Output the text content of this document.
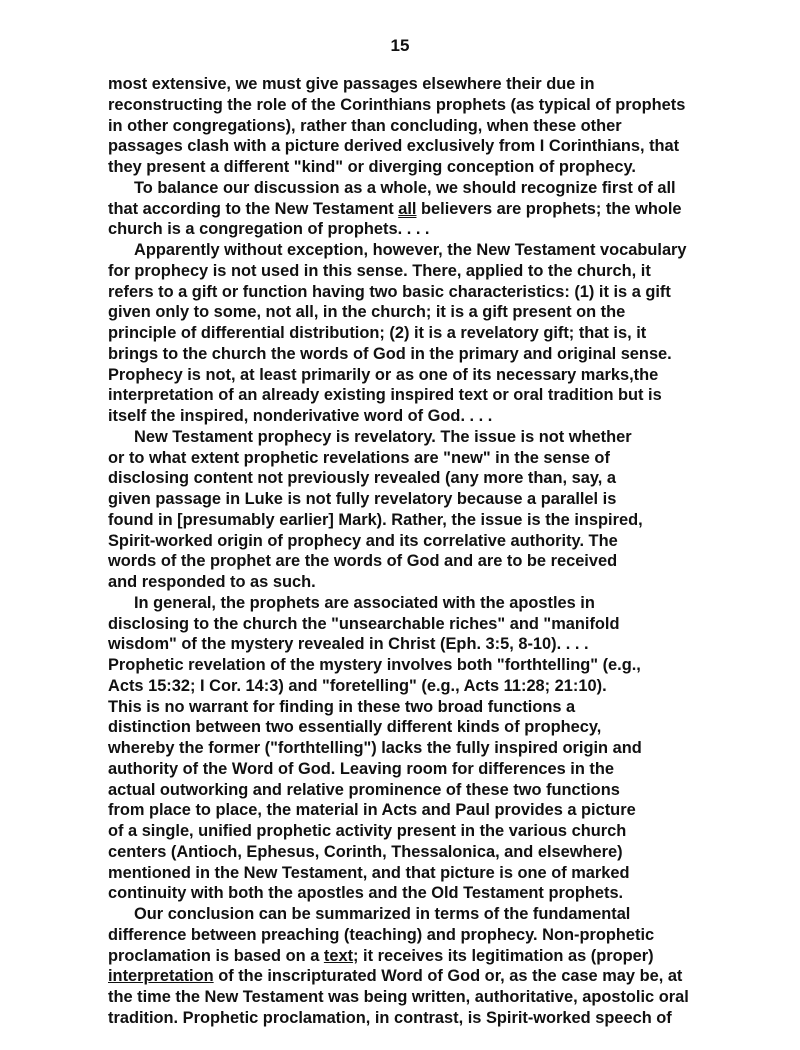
15
most extensive, we must give passages elsewhere their due in
reconstructing the role of the Corinthians prophets (as typical of prophets
in other congregations), rather than concluding, when these other
passages clash with a picture derived exclusively from I Corinthians, that
they present a different "kind" or diverging conception of prophecy.
To balance our discussion as a whole, we should recognize first of all
that according to the New Testament all believers are prophets; the whole
church is a congregation of prophets. . . .
Apparently without exception, however, the New Testament vocabulary
for prophecy is not used in this sense. There, applied to the church, it
refers to a gift or function having two basic characteristics: (1) it is a gift
given only to some, not all, in the church; it is a gift present on the
principle of differential distribution; (2) it is a revelatory gift; that is, it
brings to the church the words of God in the primary and original sense.
Prophecy is not, at least primarily or as one of its necessary marks,the
interpretation of an already existing inspired text or oral tradition but is
itself the inspired, nonderivative word of God. . . .
New Testament prophecy is revelatory. The issue is not whether
or to what extent prophetic revelations are "new" in the sense of
disclosing content not previously revealed (any more than, say, a
given passage in Luke is not fully revelatory because a parallel is
found in [presumably earlier] Mark). Rather, the issue is the inspired,
Spirit-worked origin of prophecy and its correlative authority. The
words of the prophet are the words of God and are to be received
and responded to as such.
In general, the prophets are associated with the apostles in
disclosing to the church the "unsearchable riches" and "manifold
wisdom" of the mystery revealed in Christ (Eph. 3:5, 8-10). . . .
Prophetic revelation of the mystery involves both "forthtelling" (e.g.,
Acts 15:32; I Cor. 14:3) and "foretelling" (e.g., Acts 11:28; 21:10).
This is no warrant for finding in these two broad functions a
distinction between two essentially different kinds of prophecy,
whereby the former ("forthtelling") lacks the fully inspired origin and
authority of the Word of God. Leaving room for differences in the
actual outworking and relative prominence of these two functions
from place to place, the material in Acts and Paul provides a picture
of a single, unified prophetic activity present in the various church
centers (Antioch, Ephesus, Corinth, Thessalonica, and elsewhere)
mentioned in the New Testament, and that picture is one of marked
continuity with both the apostles and the Old Testament prophets.
Our conclusion can be summarized in terms of the fundamental
difference between preaching (teaching) and prophecy. Non-prophetic
proclamation is based on a text; it receives its legitimation as (proper)
interpretation of the inscripturated Word of God or, as the case may be, at
the time the New Testament was being written, authoritative, apostolic oral
tradition. Prophetic proclamation, in contrast, is Spirit-worked speech of
